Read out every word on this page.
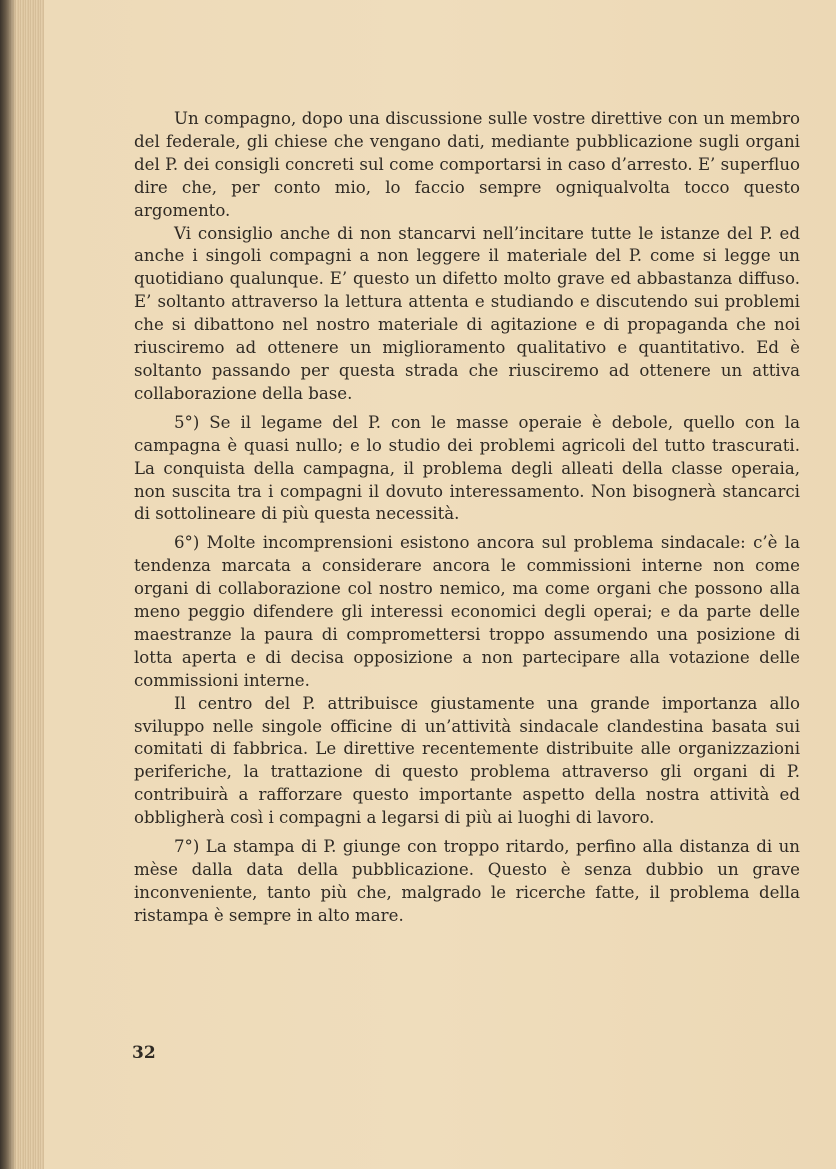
Un compagno, dopo una discussione sulle vostre direttive con un membro del federale, gli chiese che vengano dati, mediante pubblicazione sugli organi del P. dei consigli concreti sul come comportarsi in caso d’arresto. E’ superfluo dire che, per conto mio, lo faccio sempre ogniqualvolta tocco questo argomento.

Vi consiglio anche di non stancarvi nell’incitare tutte le istanze del P. ed anche i singoli compagni a non leggere il materiale del P. come si legge un quotidiano qualunque. E’ questo un difetto molto grave ed abbastanza diffuso. E’ soltanto attraverso la lettura attenta e studiando e discutendo sui problemi che si dibattono nel nostro materiale di agitazione e di propaganda che noi riusciremo ad ottenere un miglioramento qualitativo e quantitativo. Ed è soltanto passando per questa strada che riusciremo ad ottenere un attiva collaborazione della base.

5°) Se il legame del P. con le masse operaie è debole, quello con la campagna è quasi nullo; e lo studio dei problemi agricoli del tutto trascurati. La conquista della campagna, il problema degli alleati della classe operaia, non suscita tra i compagni il dovuto interessamento. Non bisognerà stancarci di sottolineare di più questa necessità.

6°) Molte incomprensioni esistono ancora sul problema sindacale: c’è la tendenza marcata a considerare ancora le commissioni interne non come organi di collaborazione col nostro nemico, ma come organi che possono alla meno peggio difendere gli interessi economici degli operai; e da parte delle maestranze la paura di compromettersi troppo assumendo una posizione di lotta aperta e di decisa opposizione a non partecipare alla votazione delle commissioni interne.

Il centro del P. attribuisce giustamente una grande importanza allo sviluppo nelle singole officine di un’attività sindacale clandestina basata sui comitati di fabbrica. Le direttive recentemente distribuite alle organizzazioni periferiche, la trattazione di questo problema attraverso gli organi di P. contribuirà a rafforzare questo importante aspetto della nostra attività ed obbligherà così i compagni a legarsi di più ai luoghi di lavoro.

7°) La stampa di P. giunge con troppo ritardo, perfino alla distanza di un mèse dalla data della pubblicazione. Questo è senza dubbio un grave inconveniente, tanto più che, malgrado le ricerche fatte, il problema della ristampa è sempre in alto mare.

32
